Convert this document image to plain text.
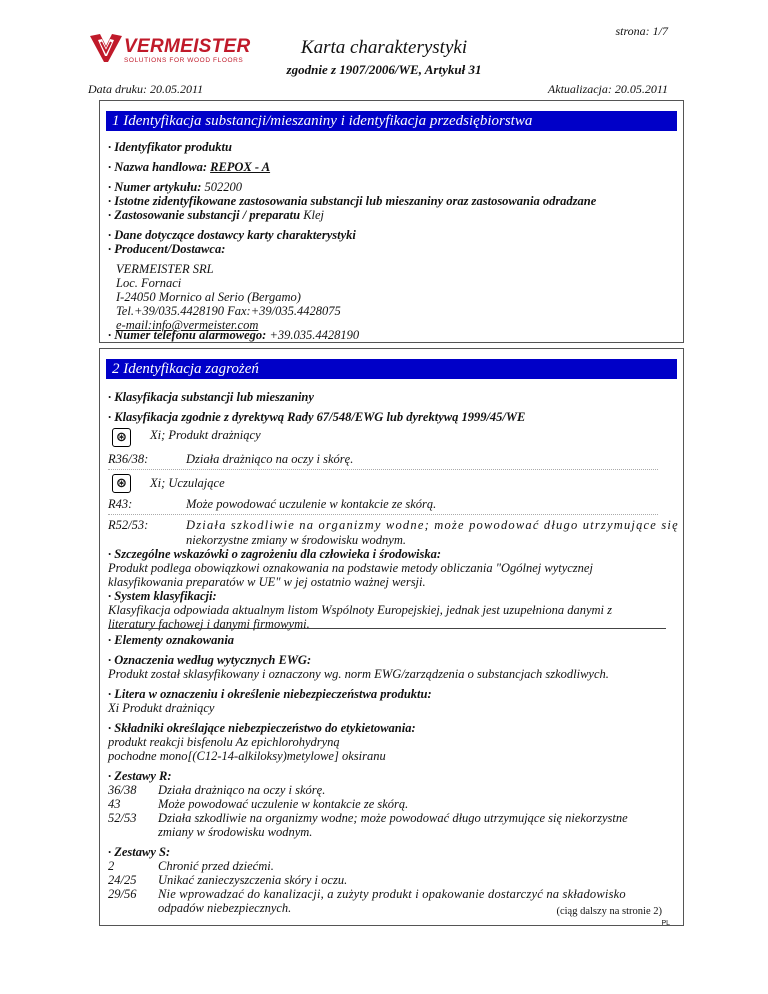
VERMEISTER
SOLUTIONS FOR WOOD FLOORS
strona: 1/7
Karta charakterystyki
zgodnie z 1907/2006/WE, Artykuł 31
Data druku: 20.05.2011	Aktualizacja: 20.05.2011
1 Identyfikacja substancji/mieszaniny i identyfikacja przedsiębiorstwa
· Identyfikator produktu
· Nazwa handlowa: REPOX - A
· Numer artykułu: 502200
· Istotne zidentyfikowane zastosowania substancji lub mieszaniny oraz zastosowania odradzane
· Zastosowanie substancji / preparatu Klej
· Dane dotyczące dostawcy karty charakterystyki
· Producent/Dostawca:
VERMEISTER SRL
Loc. Fornaci
I-24050 Mornico al Serio (Bergamo)
Tel.+39/035.4428190 Fax:+39/035.4428075
e-mail:info@vermeister.com
· Numer telefonu alarmowego: +39.035.4428190
2 Identyfikacja zagrożeń
· Klasyfikacja substancji lub mieszaniny
· Klasyfikacja zgodnie z dyrektywą Rady 67/548/EWG lub dyrektywą 1999/45/WE
⊛ Xi; Produkt drażniący
R36/38:	Działa drażniąco na oczy i skórę.
⊛ Xi; Uczulające
R43:	Może powodować uczulenie w kontakcie ze skórą.
R52/53:	Działa szkodliwie na organizmy wodne; może powodować długo utrzymujące się
niekorzystne zmiany w środowisku wodnym.
· Szczególne wskazówki o zagrożeniu dla człowieka i środowiska:
Produkt podlega obowiązkowi oznakowania na podstawie metody obliczania "Ogólnej wytycznej
klasyfikowania preparatów w UE" w jej ostatnio ważnej wersji.
· System klasyfikacji:
Klasyfikacja odpowiada aktualnym listom Wspólnoty Europejskiej, jednak jest uzupełniona danymi z
literatury fachowej i danymi firmowymi.
· Elementy oznakowania
· Oznaczenia według wytycznych EWG:
Produkt został sklasyfikowany i oznaczony wg. norm EWG/zarządzenia o substancjach szkodliwych.
· Litera w oznaczeniu i określenie niebezpieczeństwa produktu:
Xi Produkt drażniący
· Składniki określające niebezpieczeństwo do etykietowania:
produkt reakcji bisfenolu Az epichlorohydryną
pochodne mono[(C12-14-alkiloksy)metylowe] oksiranu
· Zestawy R:
36/38 Działa drażniąco na oczy i skórę.
43	Może powodować uczulenie w kontakcie ze skórą.
52/53 Działa szkodliwie na organizmy wodne; może powodować długo utrzymujące się niekorzystne
zmiany w środowisku wodnym.
· Zestawy S:
2	Chronić przed dziećmi.
24/25 Unikać zanieczyszczenia skóry i oczu.
29/56 Nie wprowadzać do kanalizacji, a zużyty produkt i opakowanie dostarczyć na składowisko
odpadów niebezpiecznych.	(ciąg dalszy na stronie 2)
PL
